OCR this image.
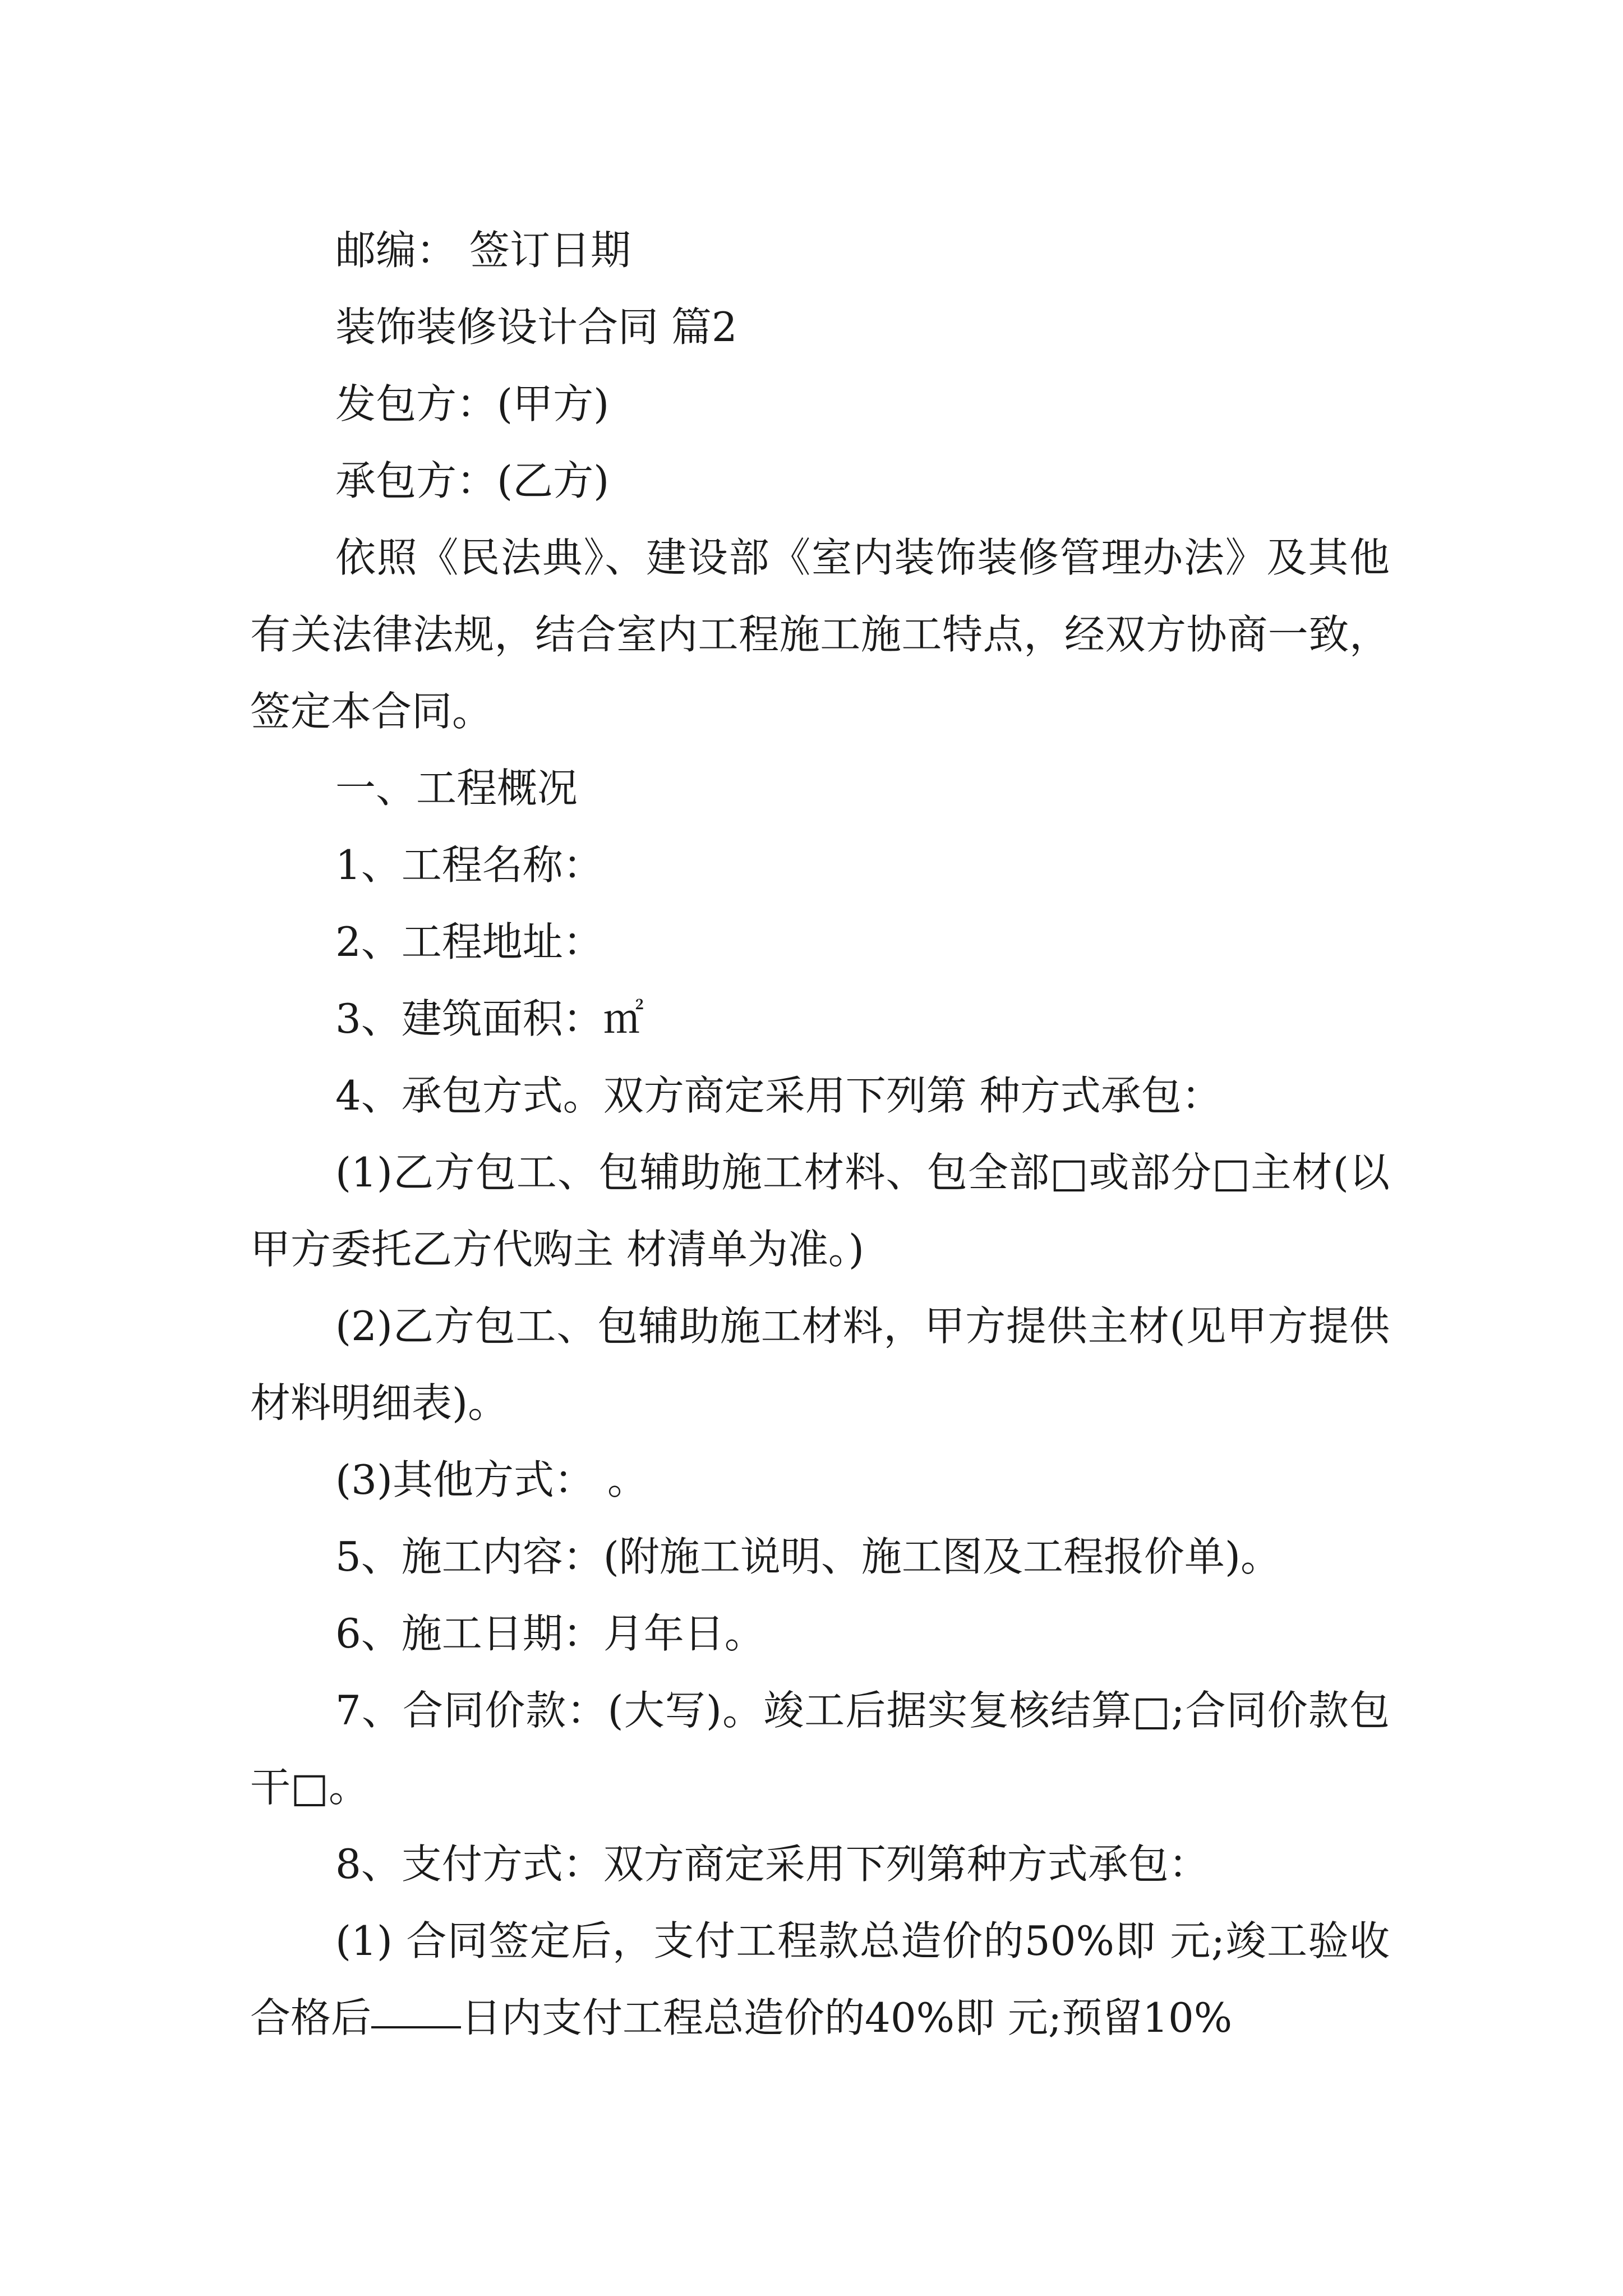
邮编： 签订日期

装饰装修设计合同 篇2

发包方：(甲方)

承包方：(乙方)

依照《民法典》、建设部《室内装饰装修管理办法》及其他有关法律法规，结合室内工程施工施工特点，经双方协商一致，签定本合同。

一、工程概况

1、工程名称：

2、工程地址：

3、建筑面积：㎡

4、承包方式。双方商定采用下列第 种方式承包：

(1)乙方包工、包辅助施工材料、包全部□或部分□主材(以甲方委托乙方代购主 材清单为准。)

(2)乙方包工、包辅助施工材料，甲方提供主材(见甲方提供材料明细表)。

(3)其他方式： 。

5、施工内容：(附施工说明、施工图及工程报价单)。

6、施工日期：月年日。

7、合同价款：(大写)。竣工后据实复核结算□;合同价款包干□。

8、支付方式：双方商定采用下列第种方式承包：

(1) 合同签定后，支付工程款总造价的50%即 元;竣工验收合格后 日内支付工程总造价的40%即 元;预留10%
